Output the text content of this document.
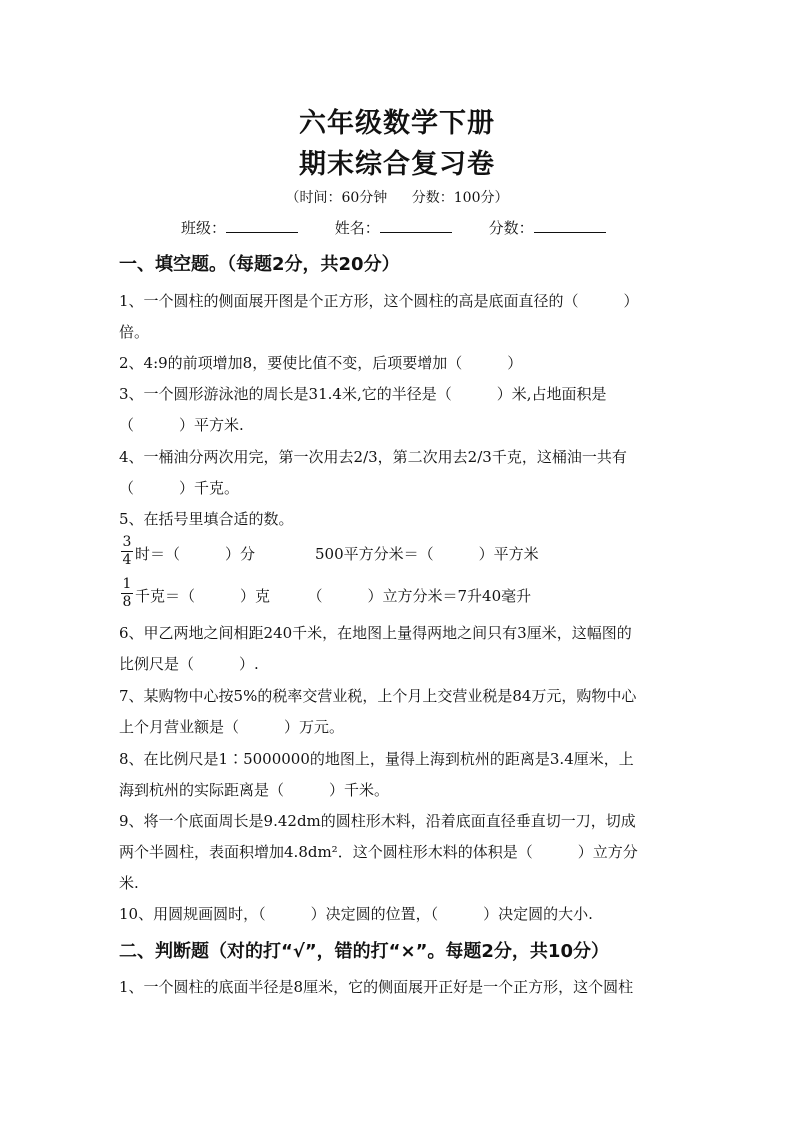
六年级数学下册
期末综合复习卷
（时间：60分钟 分数：100分）
班级：	姓名：	分数：
一、填空题。（每题2分，共20分）
1、一个圆柱的侧面展开图是个正方形，这个圆柱的高是底面直径的（　　　）
倍。
2、4:9的前项增加8，要使比值不变，后项要增加（　　　）
3、一个圆形游泳池的周长是31.4米,它的半径是（　　　）米,占地面积是
（　　　）平方米.
4、一桶油分两次用完，第一次用去2/3，第二次用去2/3千克，这桶油一共有
（　　　）千克。
5、在括号里填合适的数。
3
4 时＝（　　　）分　　　　500平方分米＝（　　　）平方米
1
8 千克＝（　　　）克　　　（　　　）立方分米＝7升40毫升
6、甲乙两地之间相距240千米，在地图上量得两地之间只有3厘米，这幅图的
比例尺是（　　　）.
7、某购物中心按5%的税率交营业税，上个月上交营业税是84万元，购物中心
上个月营业额是（　　　）万元。
8、在比例尺是1∶5000000的地图上，量得上海到杭州的距离是3.4厘米，上
海到杭州的实际距离是（　　　）千米。
9、将一个底面周长是9.42dm的圆柱形木料，沿着底面直径垂直切一刀，切成
两个半圆柱，表面积增加4.8dm²．这个圆柱形木料的体积是（　　　）立方分
米.
10、用圆规画圆时，（　　　）决定圆的位置，（　　　）决定圆的大小.
二、判断题（对的打“√”，错的打“×”。每题2分，共10分）
1、一个圆柱的底面半径是8厘米，它的侧面展开正好是一个正方形，这个圆柱
